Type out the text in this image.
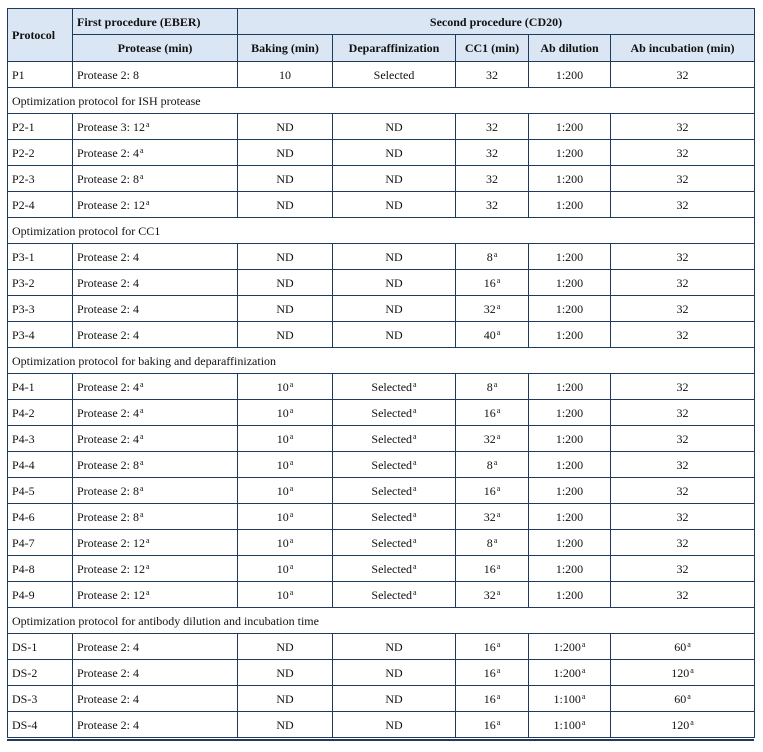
Protocol	First procedure (EBER)	Second procedure (CD20)				
	Protease (min)	Baking (min)	Deparaffinization	CC1 (min)	Ab dilution	Ab incubation (min)
P1	Protease 2: 8	10	Selected	32	1:200	32
Optimization protocol for ISH protease						
P2-1	Protease 3: 12$^a$	ND	ND	32	1:200	32
P2-2	Protease 2: 4$^a$	ND	ND	32	1:200	32
P2-3	Protease 2: 8$^a$	ND	ND	32	1:200	32
P2-4	Protease 2: 12$^a$	ND	ND	32	1:200	32
Optimization protocol for CC1						
P3-1	Protease 2: 4	ND	ND	8$^a$	1:200	32
P3-2	Protease 2: 4	ND	ND	16$^a$	1:200	32
P3-3	Protease 2: 4	ND	ND	32$^a$	1:200	32
P3-4	Protease 2: 4	ND	ND	40$^a$	1:200	32
Optimization protocol for baking and deparaffinization						
P4-1	Protease 2: 4$^a$	10$^a$	Selected$^a$	8$^a$	1:200	32
P4-2	Protease 2: 4$^a$	10$^a$	Selected$^a$	16$^a$	1:200	32
P4-3	Protease 2: 4$^a$	10$^a$	Selected$^a$	32$^a$	1:200	32
P4-4	Protease 2: 8$^a$	10$^a$	Selected$^a$	8$^a$	1:200	32
P4-5	Protease 2: 8$^a$	10$^a$	Selected$^a$	16$^a$	1:200	32
P4-6	Protease 2: 8$^a$	10$^a$	Selected$^a$	32$^a$	1:200	32
P4-7	Protease 2: 12$^a$	10$^a$	Selected$^a$	8$^a$	1:200	32
P4-8	Protease 2: 12$^a$	10$^a$	Selected$^a$	16$^a$	1:200	32
P4-9	Protease 2: 12$^a$	10$^a$	Selected$^a$	32$^a$	1:200	32
Optimization protocol for antibody dilution and incubation time						
DS-1	Protease 2: 4	ND	ND	16$^a$	1:200$^a$	60$^a$
DS-2	Protease 2: 4	ND	ND	16$^a$	1:200$^a$	120$^a$
DS-3	Protease 2: 4	ND	ND	16$^a$	1:100$^a$	60$^a$
DS-4	Protease 2: 4	ND	ND	16$^a$	1:100$^a$	120$^a$
